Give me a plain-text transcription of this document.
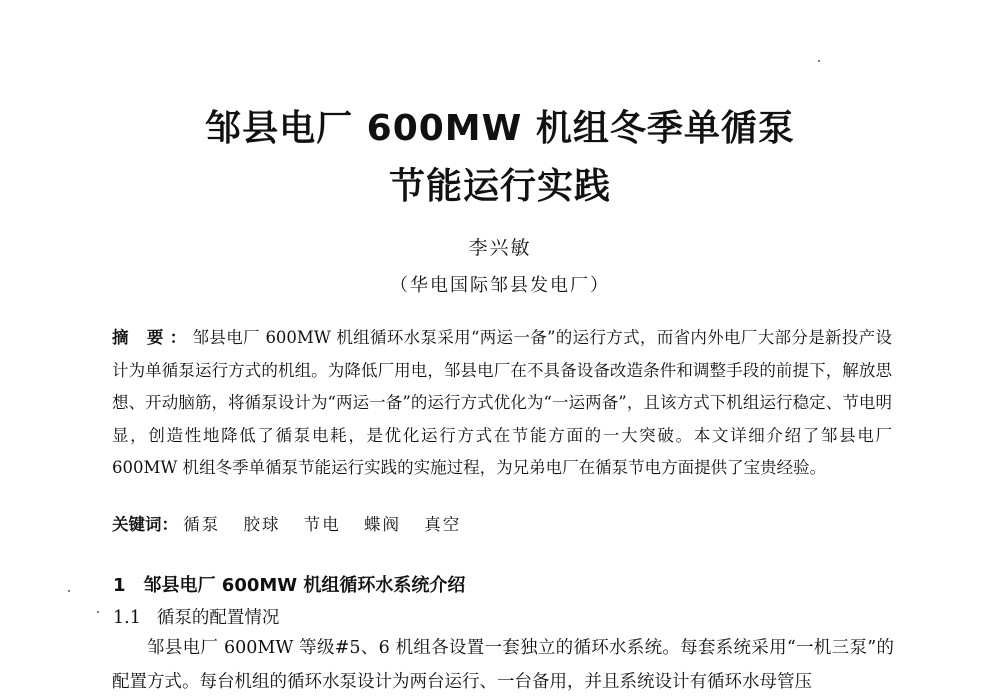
邹县电厂 600MW 机组冬季单循泵
节能运行实践
李兴敏
（华电国际邹县发电厂）
摘 要：邹县电厂 600MW 机组循环水泵采用“两运一备”的运行方式，而省内外电厂大部分是新投产设计为单循泵运行方式的机组。为降低厂用电，邹县电厂在不具备设备改造条件和调整手段的前提下，解放思想、开动脑筋，将循泵设计为“两运一备”的运行方式优化为“一运两备”，且该方式下机组运行稳定、节电明显，创造性地降低了循泵电耗，是优化运行方式在节能方面的一大突破。本文详细介绍了邹县电厂 600MW 机组冬季单循泵节能运行实践的实施过程，为兄弟电厂在循泵节电方面提供了宝贵经验。
关键词： 循泵 胶球 节电 蝶阀 真空
1 邹县电厂 600MW 机组循环水系统介绍
1.1 循泵的配置情况
邹县电厂 600MW 等级#5、6 机组各设置一套独立的循环水系统。每套系统采用“一机三泵”的配置方式。每台机组的循环水泵设计为两台运行、一台备用，并且系统设计有循环水母管压
